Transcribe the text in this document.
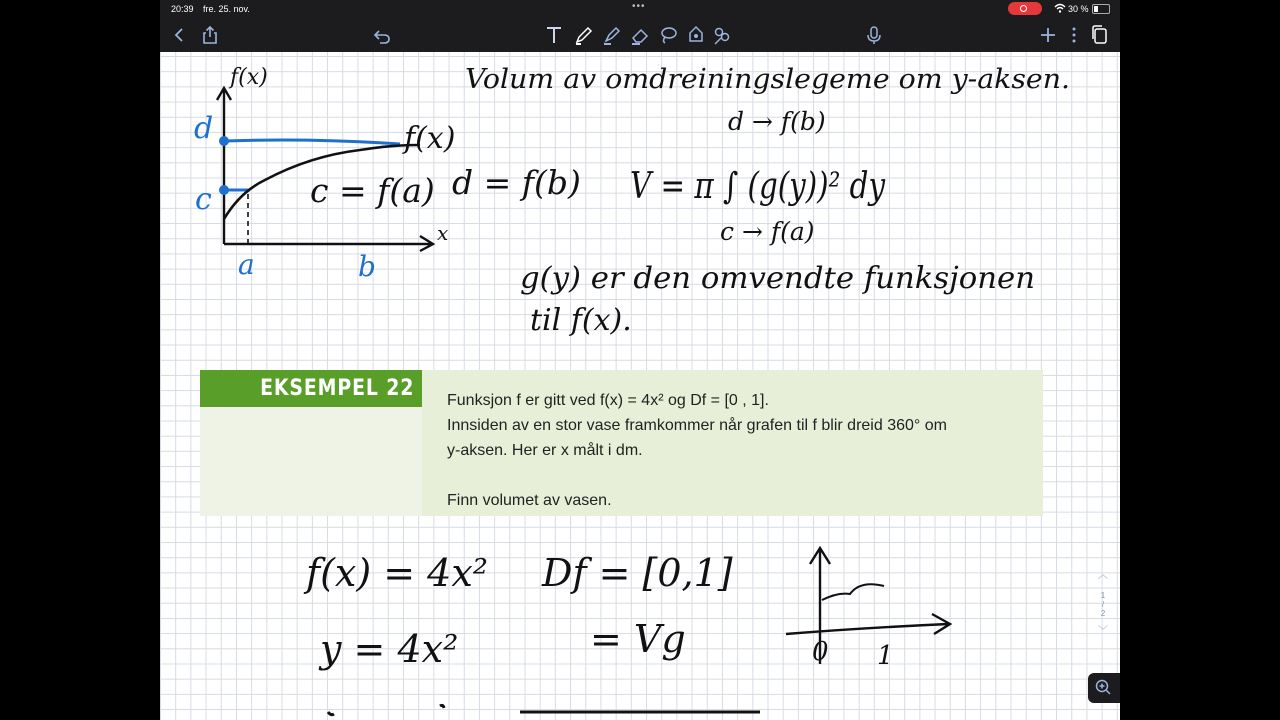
20:39 fre. 25. nov.	•••	30 %
Volum av omdreiningslegeme om y-aksen.
f(x)
x
f(x)
d
c
a	b
c = f(a) d = f(b) V = π ∫ (g(y))² dy
d → f(b)
c → f(a)
g(y) er den omvendte funksjonen
til f(x).
f(x) = 4x² Df = [0,1]
= Vg
y = 4x²	0 1
EKSEMPEL 22 Funksjon f er gitt ved f(x) = 4x² og Df = [0 , 1].

Innsiden av en stor vase framkommer når grafen til f blir dreid 360° om

y-aksen. Her er x målt i dm.

Finn volumet av vasen.

︿
1
/
2
﹀
